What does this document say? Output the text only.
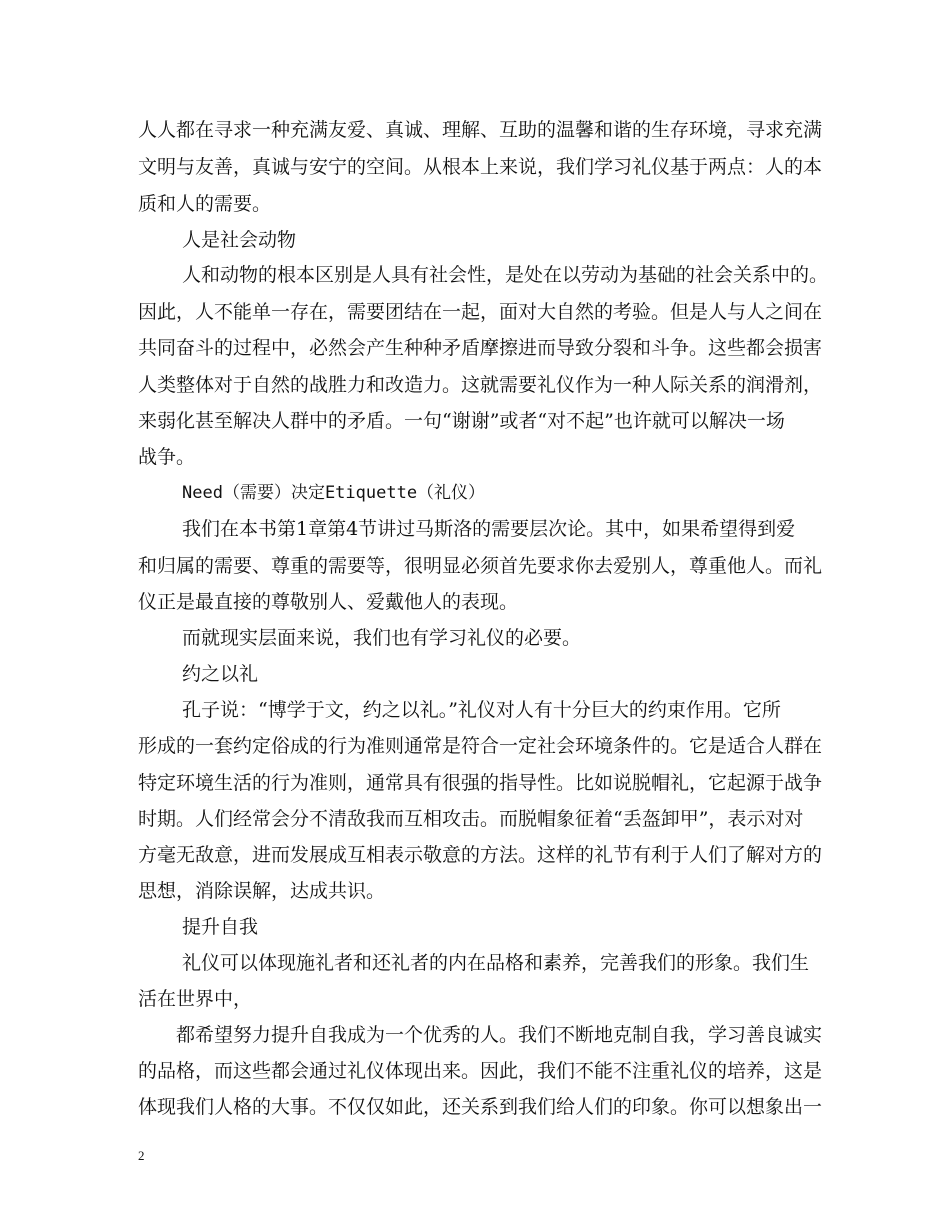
人人都在寻求一种充满友爱、真诚、理解、互助的温馨和谐的生存环境，寻求充满
文明与友善，真诚与安宁的空间。从根本上来说，我们学习礼仪基于两点：人的本
质和人的需要。
人是社会动物
人和动物的根本区别是人具有社会性，是处在以劳动为基础的社会关系中的。
因此，人不能单一存在，需要团结在一起，面对大自然的考验。但是人与人之间在
共同奋斗的过程中，必然会产生种种矛盾摩擦进而导致分裂和斗争。这些都会损害
人类整体对于自然的战胜力和改造力。这就需要礼仪作为一种人际关系的润滑剂，
来弱化甚至解决人群中的矛盾。一句“谢谢”或者“对不起”也许就可以解决一场
战争。
Need（需要）决定Etiquette（礼仪）
我们在本书第1章第4节讲过马斯洛的需要层次论。其中，如果希望得到爱
和归属的需要、尊重的需要等，很明显必须首先要求你去爱别人，尊重他人。而礼
仪正是最直接的尊敬别人、爱戴他人的表现。
而就现实层面来说，我们也有学习礼仪的必要。
约之以礼
孔子说：“博学于文，约之以礼。”礼仪对人有十分巨大的约束作用。它所
形成的一套约定俗成的行为准则通常是符合一定社会环境条件的。它是适合人群在
特定环境生活的行为准则，通常具有很强的指导性。比如说脱帽礼，它起源于战争
时期。人们经常会分不清敌我而互相攻击。而脱帽象征着“丢盔卸甲”，表示对对
方毫无敌意，进而发展成互相表示敬意的方法。这样的礼节有利于人们了解对方的
思想，消除误解，达成共识。
提升自我
礼仪可以体现施礼者和还礼者的内在品格和素养，完善我们的形象。我们生
活在世界中，
都希望努力提升自我成为一个优秀的人。我们不断地克制自我，学习善良诚实
的品格，而这些都会通过礼仪体现出来。因此，我们不能不注重礼仪的培养，这是
体现我们人格的大事。不仅仅如此，还关系到我们给人们的印象。你可以想象出一
2
